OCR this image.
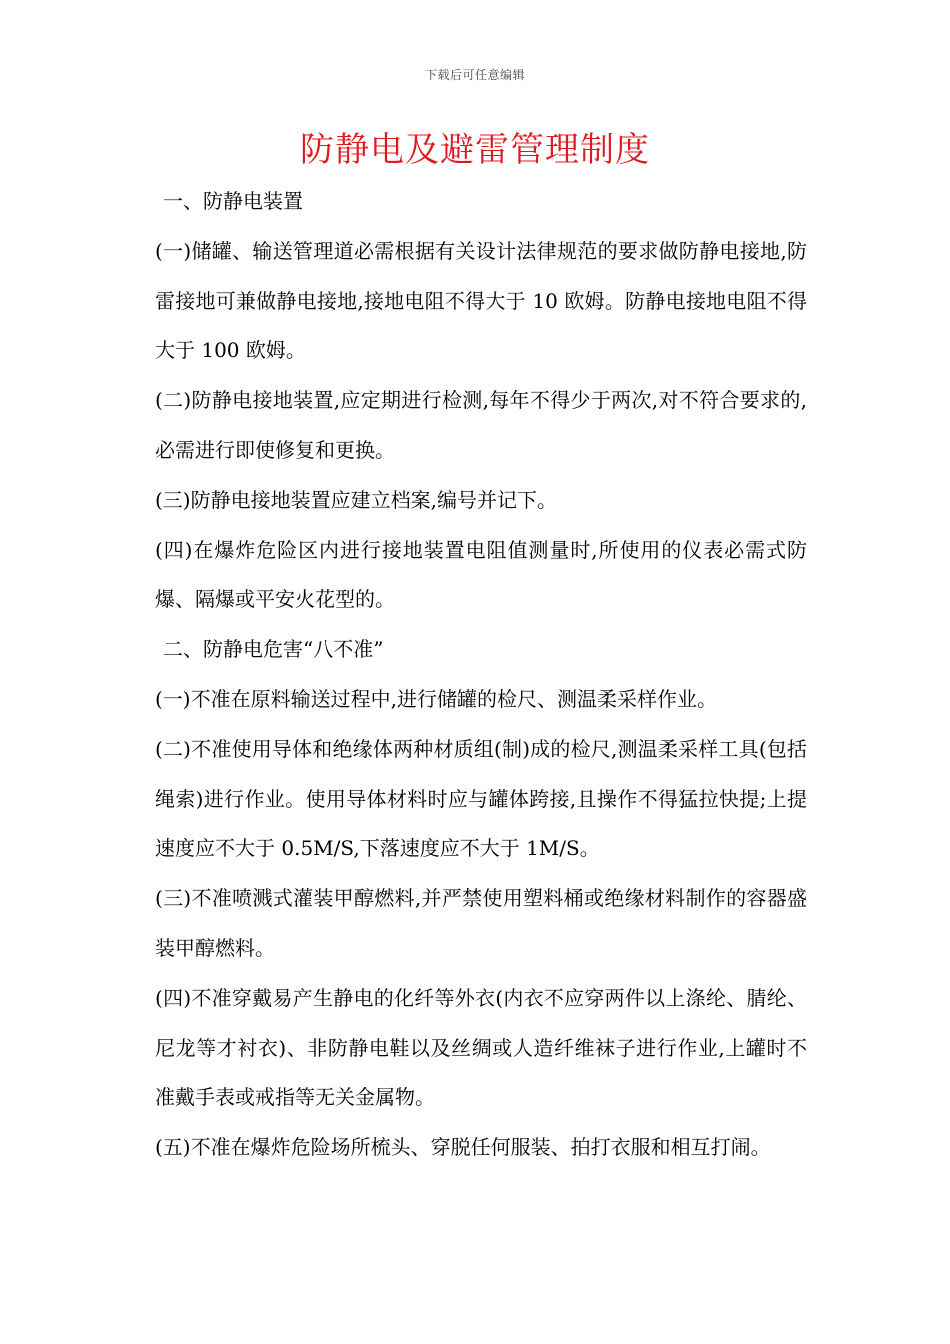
下载后可任意编辑
防静电及避雷管理制度

一、防静电装置

(一)储罐、输送管理道必需根据有关设计法律规范的要求做防静电接地,防雷接地可兼做静电接地,接地电阻不得大于 10 欧姆。防静电接地电阻不得大于 100 欧姆。

(二)防静电接地装置,应定期进行检测,每年不得少于两次,对不符合要求的,必需进行即使修复和更换。

(三)防静电接地装置应建立档案,编号并记下。

(四)在爆炸危险区内进行接地装置电阻值测量时,所使用的仪表必需式防爆、隔爆或平安火花型的。

二、防静电危害“八不准”

(一)不准在原料输送过程中,进行储罐的检尺、测温柔采样作业。

(二)不准使用导体和绝缘体两种材质组(制)成的检尺,测温柔采样工具(包括绳索)进行作业。使用导体材料时应与罐体跨接,且操作不得猛拉快提;上提速度应不大于 0.5M/S,下落速度应不大于 1M/S。

(三)不准喷溅式灌装甲醇燃料,并严禁使用塑料桶或绝缘材料制作的容器盛装甲醇燃料。

(四)不准穿戴易产生静电的化纤等外衣(内衣不应穿两件以上涤纶、腈纶、尼龙等才衬衣)、非防静电鞋以及丝绸或人造纤维袜子进行作业,上罐时不准戴手表或戒指等无关金属物。

(五)不准在爆炸危险场所梳头、穿脱任何服装、拍打衣服和相互打闹。
